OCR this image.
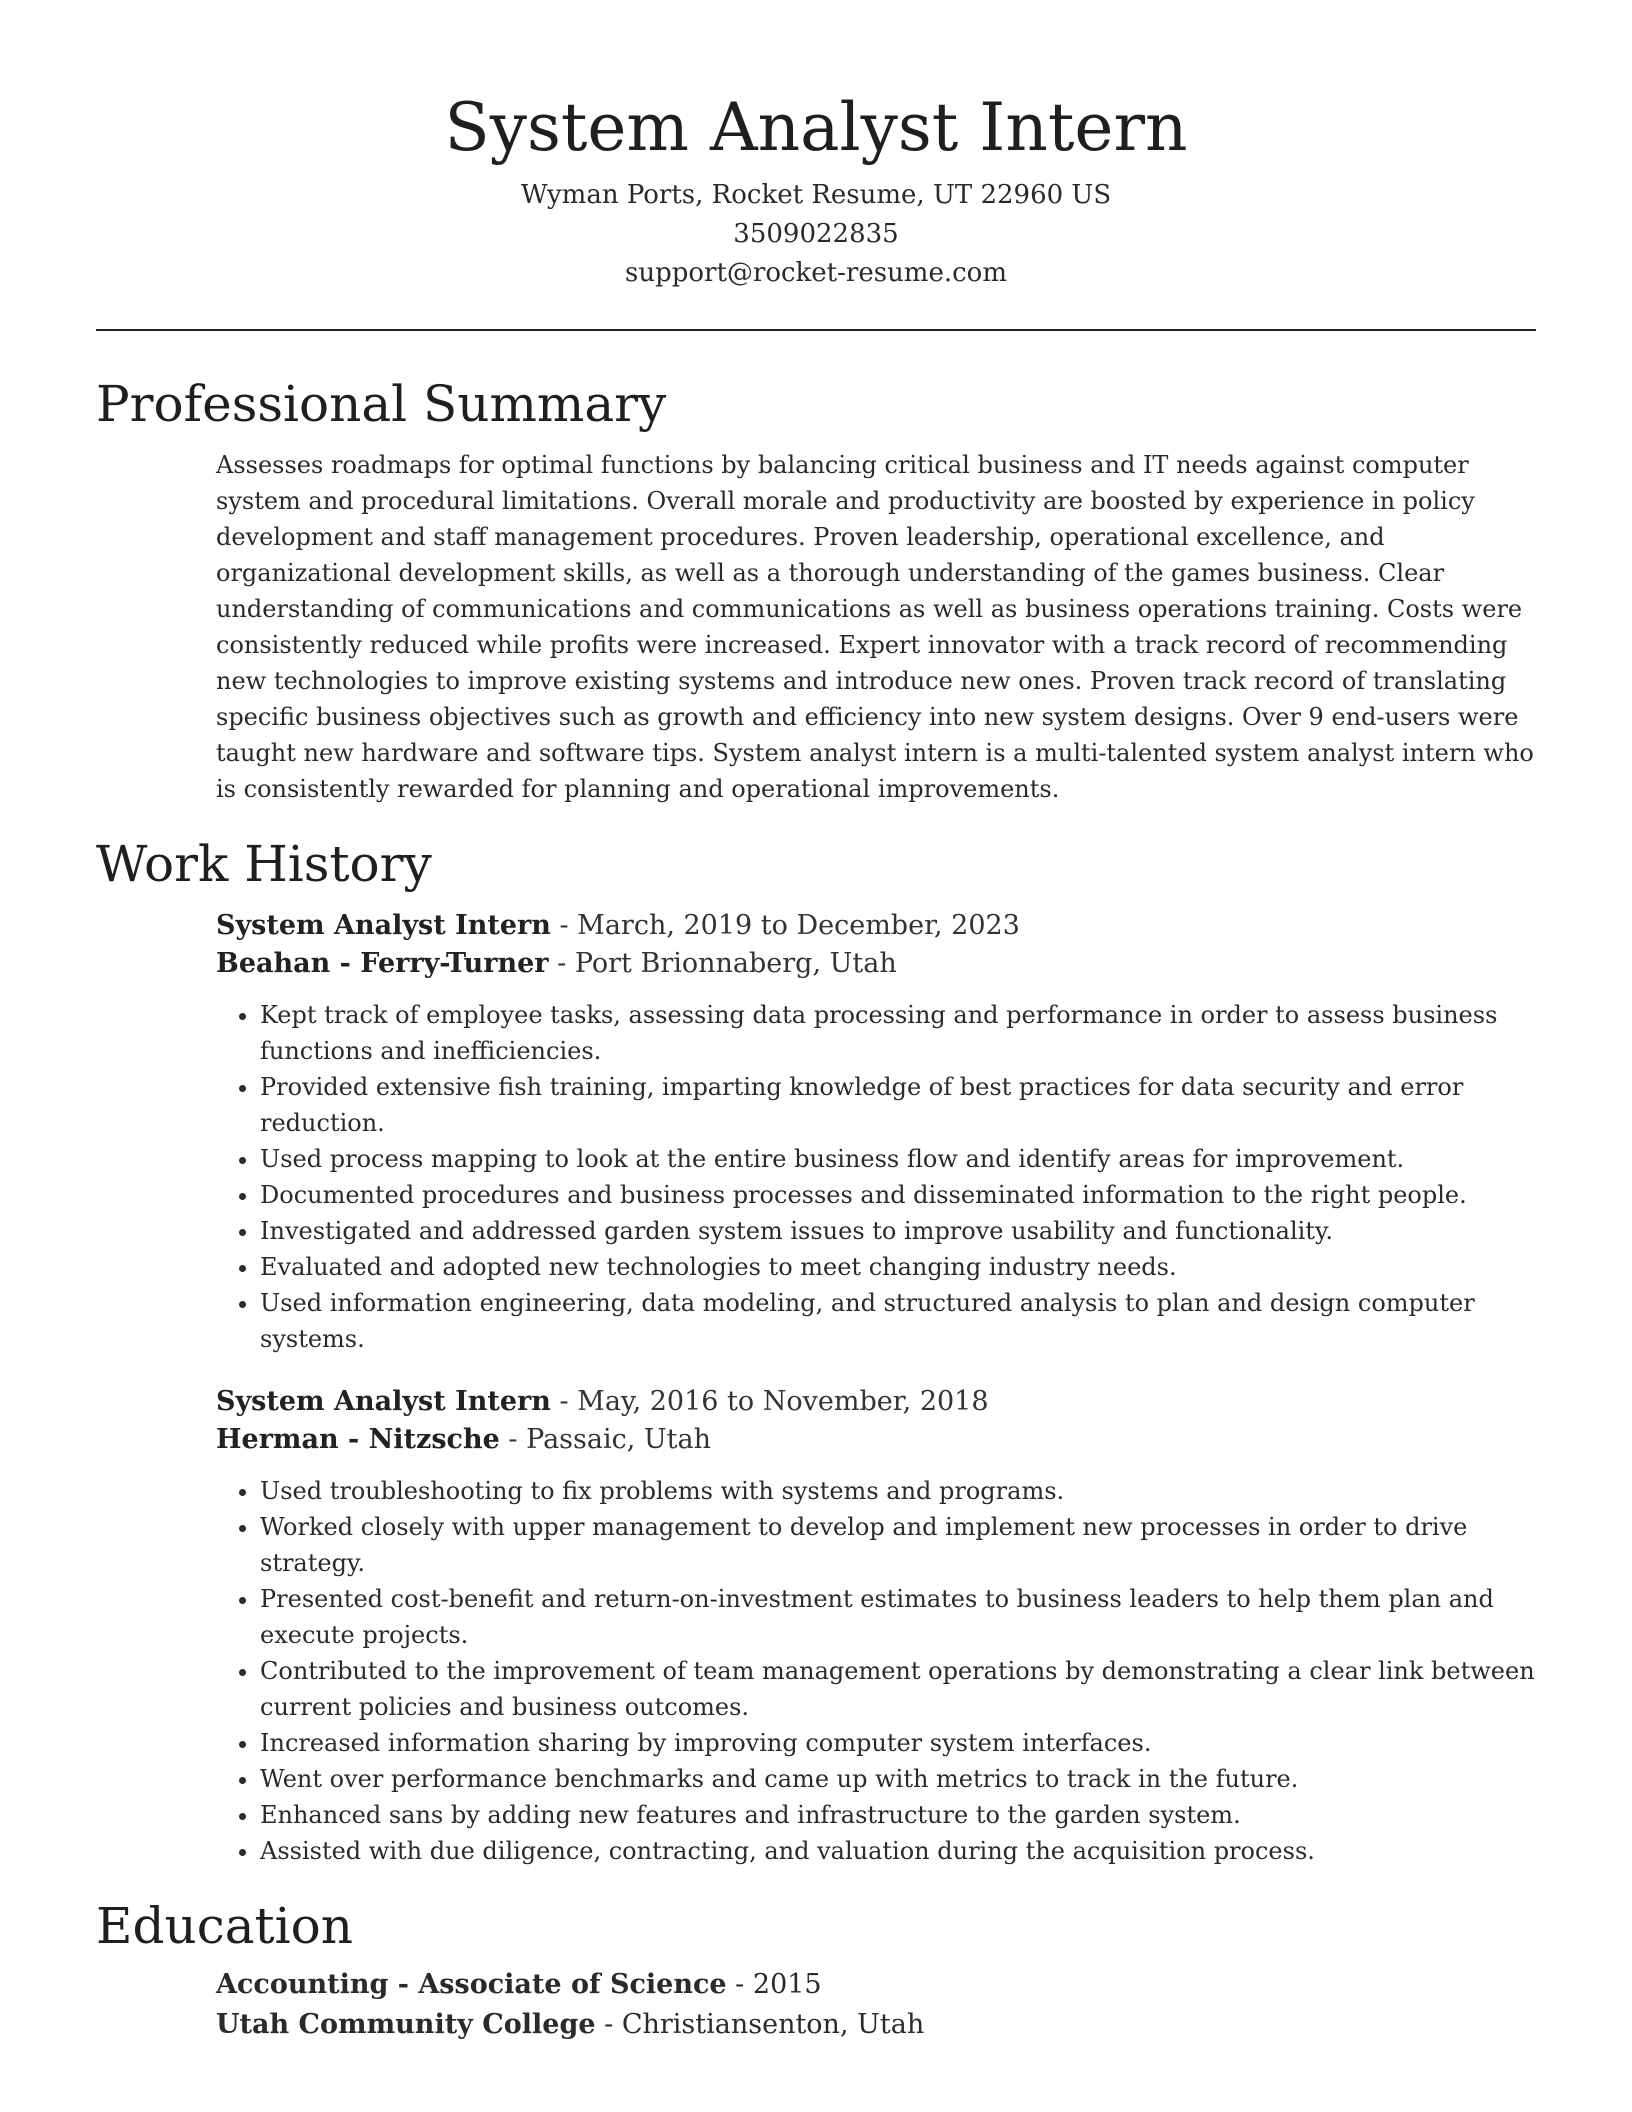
System Analyst Intern
Wyman Ports, Rocket Resume, UT 22960 US
3509022835
support@rocket-resume.com
Professional Summary
Assesses roadmaps for optimal functions by balancing critical business and IT needs against computer system and procedural limitations. Overall morale and productivity are boosted by experience in policy development and staff management procedures. Proven leadership, operational excellence, and organizational development skills, as well as a thorough understanding of the games business. Clear understanding of communications and communications as well as business operations training. Costs were consistently reduced while profits were increased. Expert innovator with a track record of recommending new technologies to improve existing systems and introduce new ones. Proven track record of translating specific business objectives such as growth and efficiency into new system designs. Over 9 end-users were taught new hardware and software tips. System analyst intern is a multi-talented system analyst intern who is consistently rewarded for planning and operational improvements.
Work History
System Analyst Intern - March, 2019 to December, 2023
Beahan - Ferry-Turner - Port Brionnaberg, Utah
• Kept track of employee tasks, assessing data processing and performance in order to assess business functions and inefficiencies.
• Provided extensive fish training, imparting knowledge of best practices for data security and error reduction.
• Used process mapping to look at the entire business flow and identify areas for improvement.
• Documented procedures and business processes and disseminated information to the right people.
• Investigated and addressed garden system issues to improve usability and functionality.
• Evaluated and adopted new technologies to meet changing industry needs.
• Used information engineering, data modeling, and structured analysis to plan and design computer systems.
System Analyst Intern - May, 2016 to November, 2018
Herman - Nitzsche - Passaic, Utah
• Used troubleshooting to fix problems with systems and programs.
• Worked closely with upper management to develop and implement new processes in order to drive strategy.
• Presented cost-benefit and return-on-investment estimates to business leaders to help them plan and execute projects.
• Contributed to the improvement of team management operations by demonstrating a clear link between current policies and business outcomes.
• Increased information sharing by improving computer system interfaces.
• Went over performance benchmarks and came up with metrics to track in the future.
• Enhanced sans by adding new features and infrastructure to the garden system.
• Assisted with due diligence, contracting, and valuation during the acquisition process.
Education
Accounting - Associate of Science - 2015
Utah Community College - Christiansenton, Utah
